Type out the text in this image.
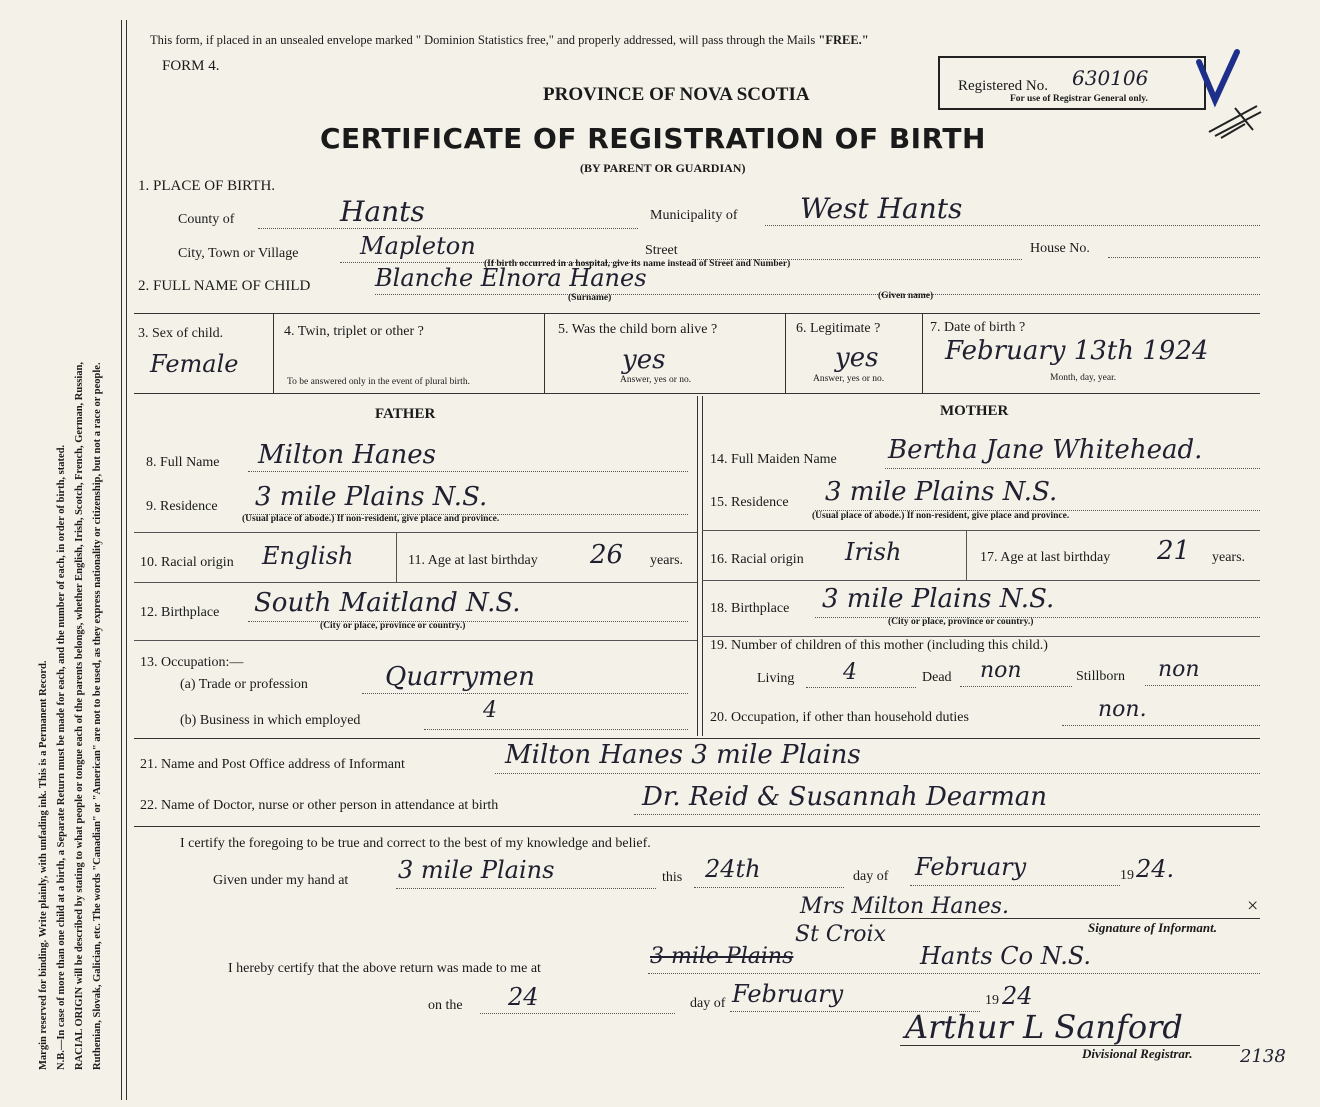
Margin reserved for binding. Write plainly, with unfading ink. This is a Permanent Record. N.B.—In case of more than one child at a birth, a Separate Return must be made for each, and the number of each, in order of birth, stated. RACIAL ORIGIN will be described by stating to what people or tongue each of the parents belongs, whether English, Irish, Scotch, French, German, Russian, Ruthenian, Slovak, Galician, etc. The words "Canadian" or "American" are not to be used, as they express nationality or citizenship, but not a race or people.
This form, if placed in an unsealed envelope marked " Dominion Statistics free," and properly addressed, will pass through the Mails "FREE."
FORM 4.
Registered No. 630106
For use of Registrar General only.
PROVINCE OF NOVA SCOTIA
CERTIFICATE OF REGISTRATION OF BIRTH
(BY PARENT OR GUARDIAN)
1. PLACE OF BIRTH.
County of	Hants	Municipality of West Hants
City, Town or Village	Mapleton	Street	House No.
(If birth occurred in a hospital, give its name instead of Street and Number)
2. FULL NAME OF CHILD	Blanche Elnora Hanes
(Surname)	(Given name)
3. Sex of child.
Female
4. Twin, triplet or other ?
To be answered only in the event of plural birth.
5. Was the child born alive ?
yes
Answer, yes or no.
6. Legitimate ?
yes
Answer, yes or no.
7. Date of birth ?
February 13th 1924
Month, day, year.
FATHER	MOTHER
8. Full Name Milton Hanes
9. Residence 3 mile Plains N.S.
(Usual place of abode.) If non-resident, give place and province.
10. Racial origin English	11. Age at last birthday 26 years.
12. Birthplace South Maitland N.S.
(City or place, province or country.)
13. Occupation:—
(a) Trade or profession	Quarrymen
(b) Business in which employed	4
14. Full Maiden Name Bertha Jane Whitehead.
15. Residence 3 mile Plains N.S.
(Usual place of abode.) If non-resident, give place and province.
16. Racial origin Irish	17. Age at last birthday 21 years.
18. Birthplace 3 mile Plains N.S.
(City or place, province or country.)
19. Number of children of this mother (including this child.)
Living 4	Dead non	Stillborn non
20. Occupation, if other than household duties	non.
21. Name and Post Office address of Informant	Milton Hanes 3 mile Plains
22. Name of Doctor, nurse or other person in attendance at birth	Dr. Reid & Susannah Dearman
I certify the foregoing to be true and correct to the best of my knowledge and belief.
Given under my hand at 3 mile Plains	this 24th	day of February	19 24.
Mrs Milton Hanes.	×
Signature of Informant.
I hereby certify that the above return was made to me at
St Croix
3 mile Plains	Hants Co N.S.
on the 24	day of February	19 24
Arthur L Sanford
Divisional Registrar.	2138
